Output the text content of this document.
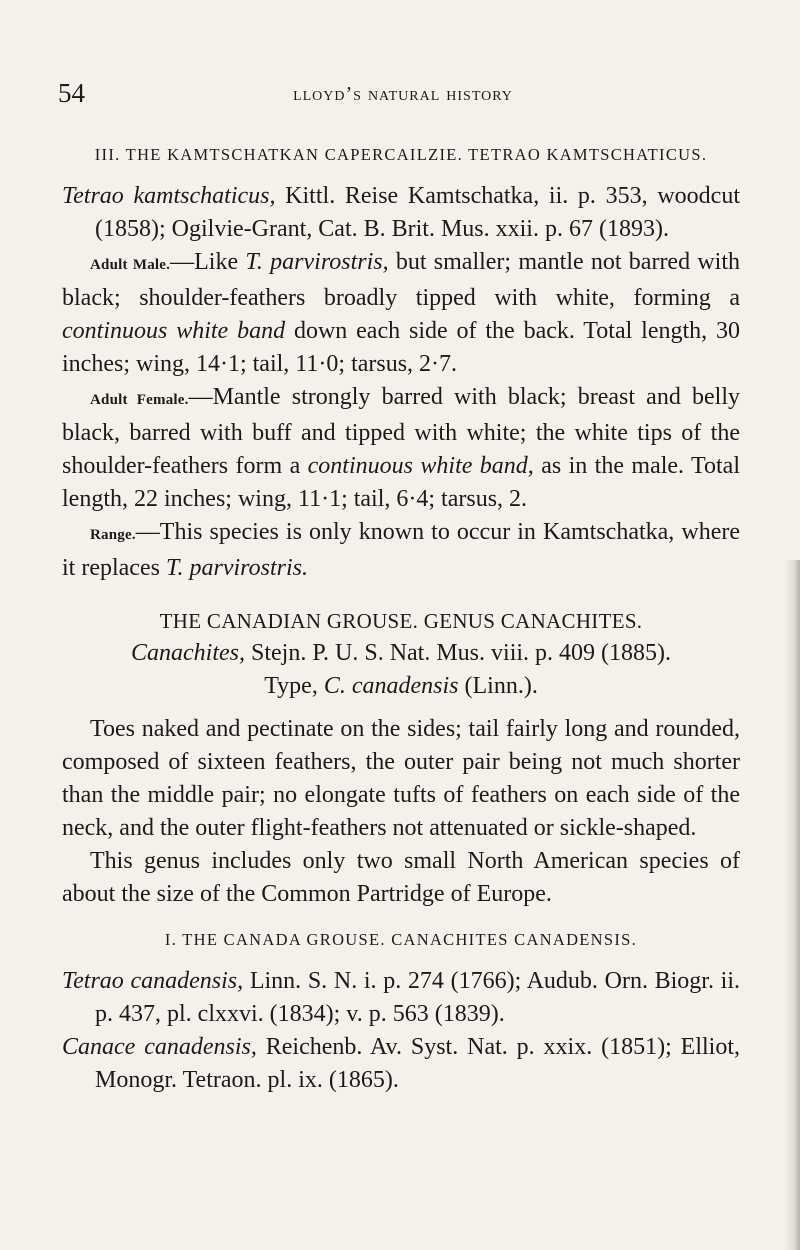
54	lloyd’s natural history

III. THE KAMTSCHATKAN CAPERCAILZIE. TETRAO KAMTSCHATICUS.

Tetrao kamtschaticus, Kittl. Reise Kamtschatka, ii. p. 353, woodcut (1858); Ogilvie-Grant, Cat. B. Brit. Mus. xxii. p. 67 (1893).

Adult Male.—Like T. parvirostris, but smaller; mantle not barred with black; shoulder-feathers broadly tipped with white, forming a continuous white band down each side of the back. Total length, 30 inches; wing, 14·1; tail, 11·0; tarsus, 2·7.

Adult Female.—Mantle strongly barred with black; breast and belly black, barred with buff and tipped with white; the white tips of the shoulder-feathers form a continuous white band, as in the male. Total length, 22 inches; wing, 11·1; tail, 6·4; tarsus, 2.

Range.—This species is only known to occur in Kamtschatka, where it replaces T. parvirostris.

THE CANADIAN GROUSE. GENUS CANACHITES.

Canachites, Stejn. P. U. S. Nat. Mus. viii. p. 409 (1885).

Type, C. canadensis (Linn.).

Toes naked and pectinate on the sides; tail fairly long and rounded, composed of sixteen feathers, the outer pair being not much shorter than the middle pair; no elongate tufts of feathers on each side of the neck, and the outer flight-feathers not attenuated or sickle-shaped.

This genus includes only two small North American species of about the size of the Common Partridge of Europe.

I. THE CANADA GROUSE. CANACHITES CANADENSIS.

Tetrao canadensis, Linn. S. N. i. p. 274 (1766); Audub. Orn. Biogr. ii. p. 437, pl. clxxvi. (1834); v. p. 563 (1839).

Canace canadensis, Reichenb. Av. Syst. Nat. p. xxix. (1851); Elliot, Monogr. Tetraon. pl. ix. (1865).
